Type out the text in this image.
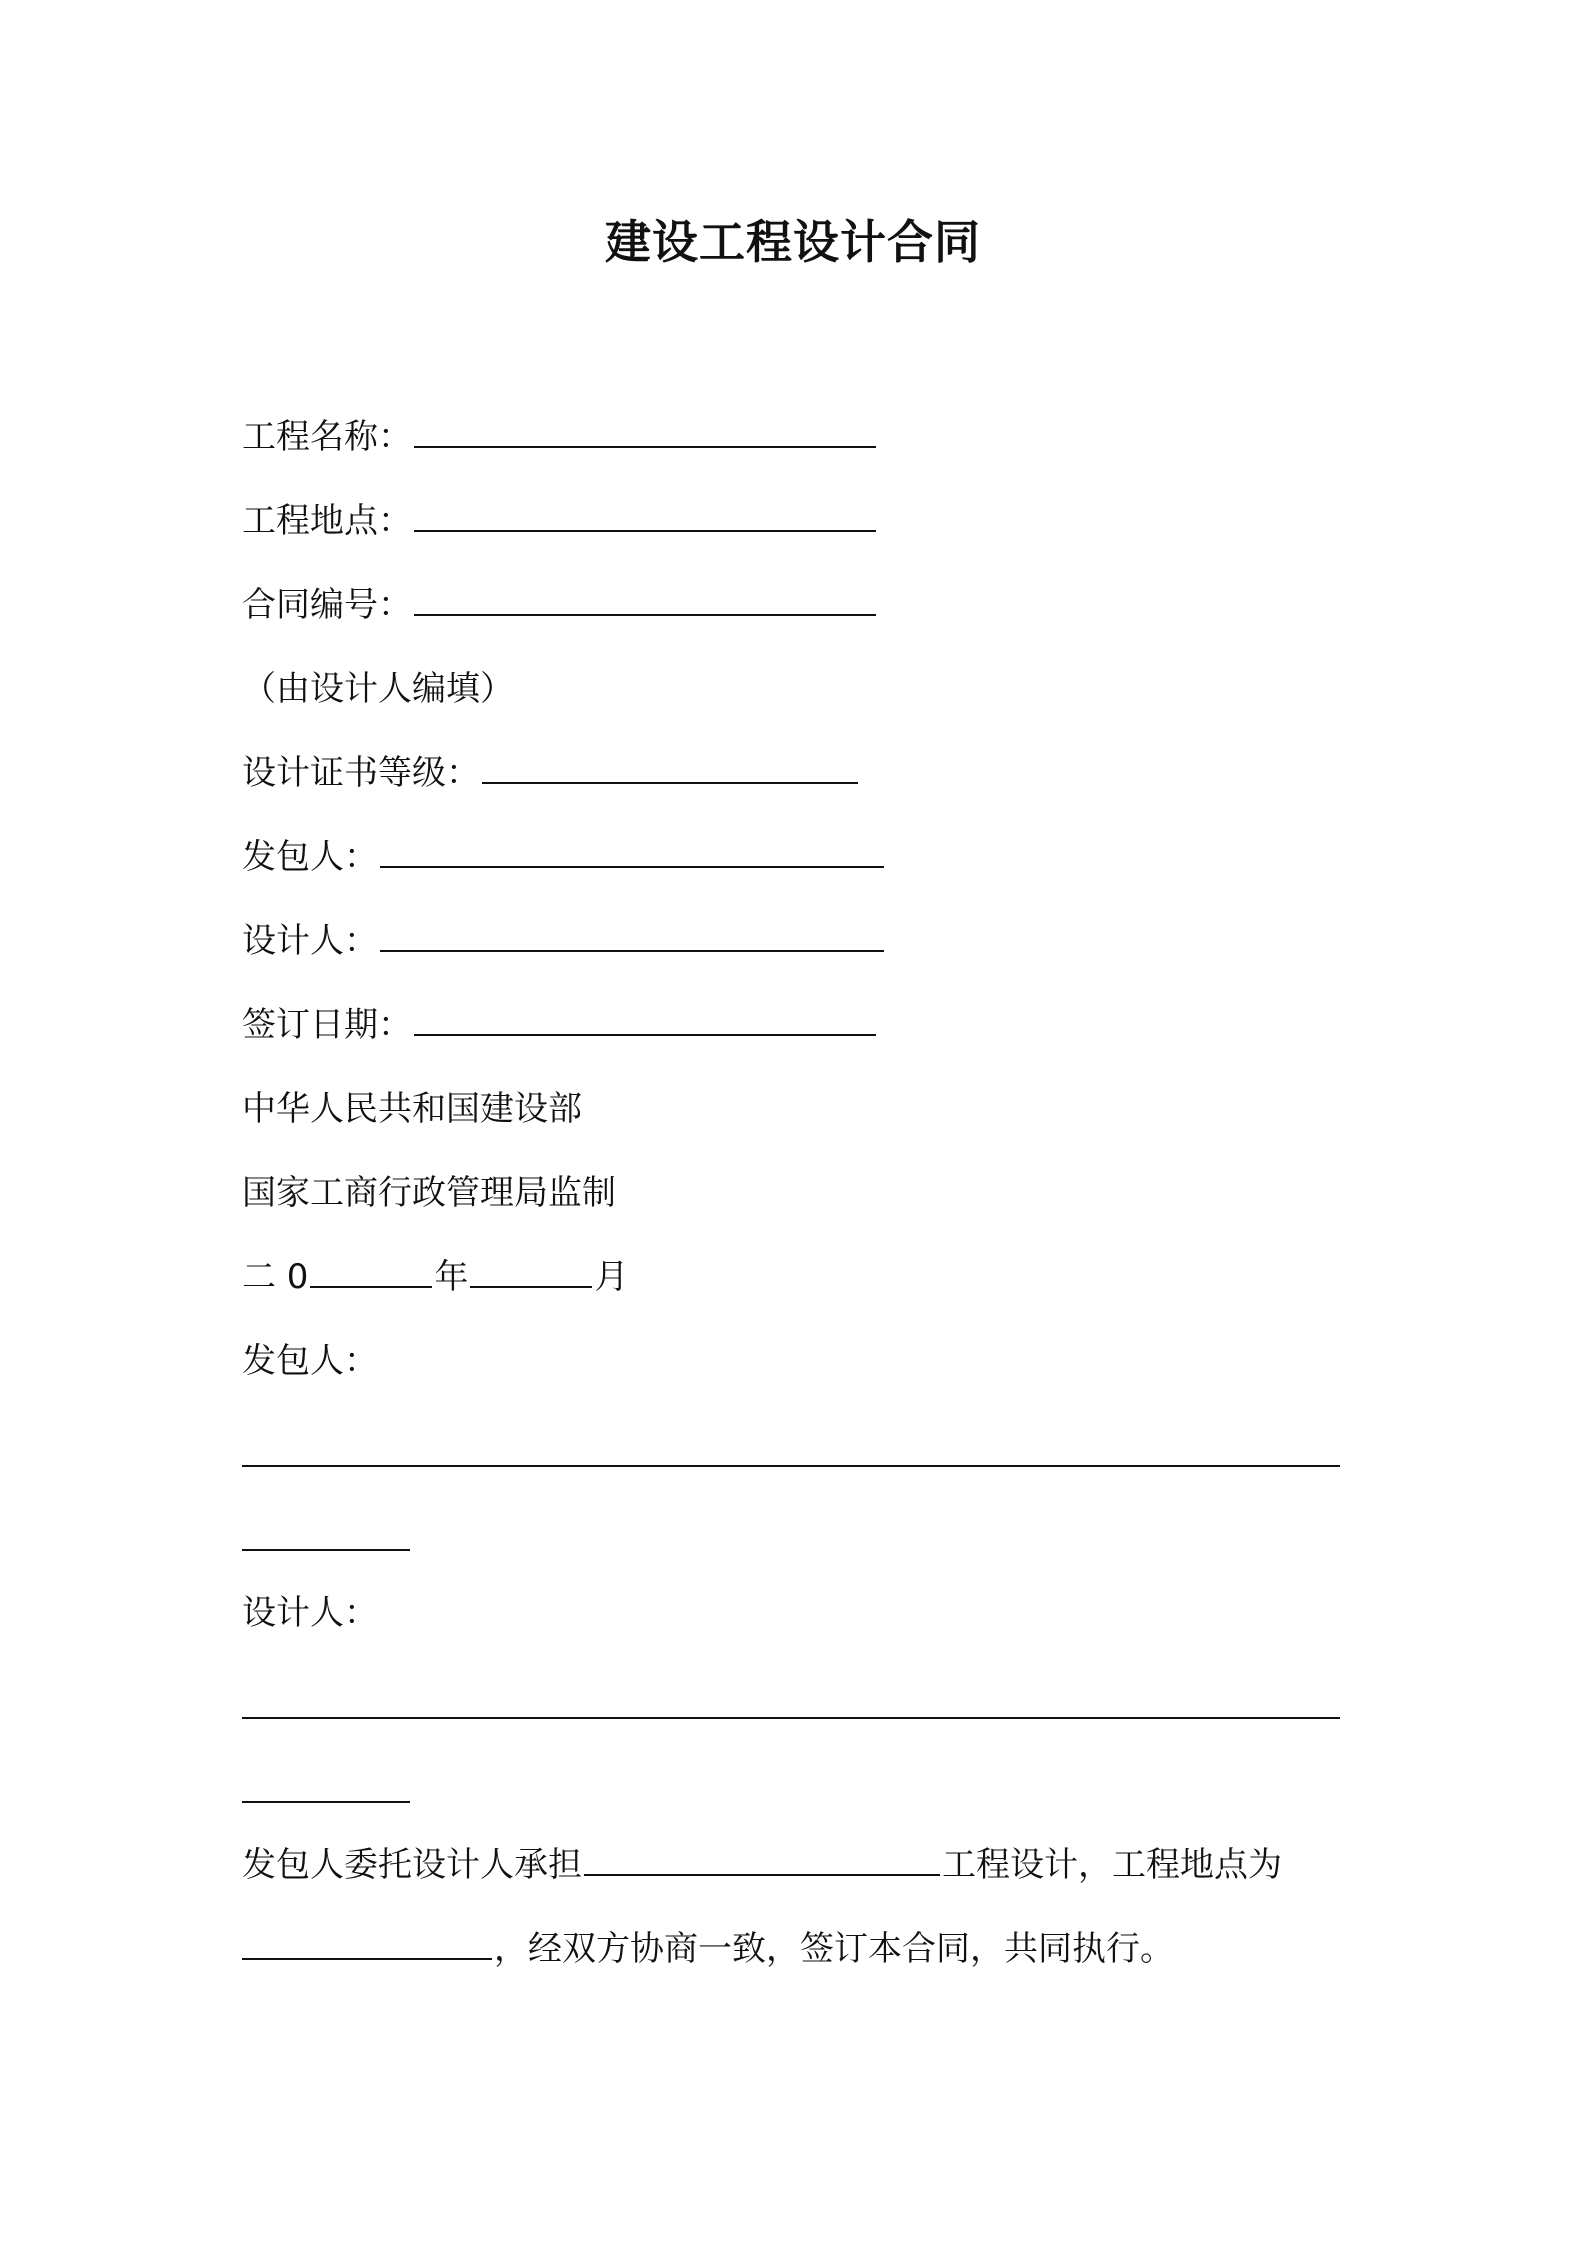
建设工程设计合同
工程名称：
工程地点：
合同编号：
（由设计人编填）
设计证书等级：
发包人：
设计人：
签订日期：
中华人民共和国建设部
国家工商行政管理局监制
二 0	年	月
发包人：
设计人：
发包人委托设计人承担	工程设计，工程地点为
，经双方协商一致，签订本合同，共同执行。
